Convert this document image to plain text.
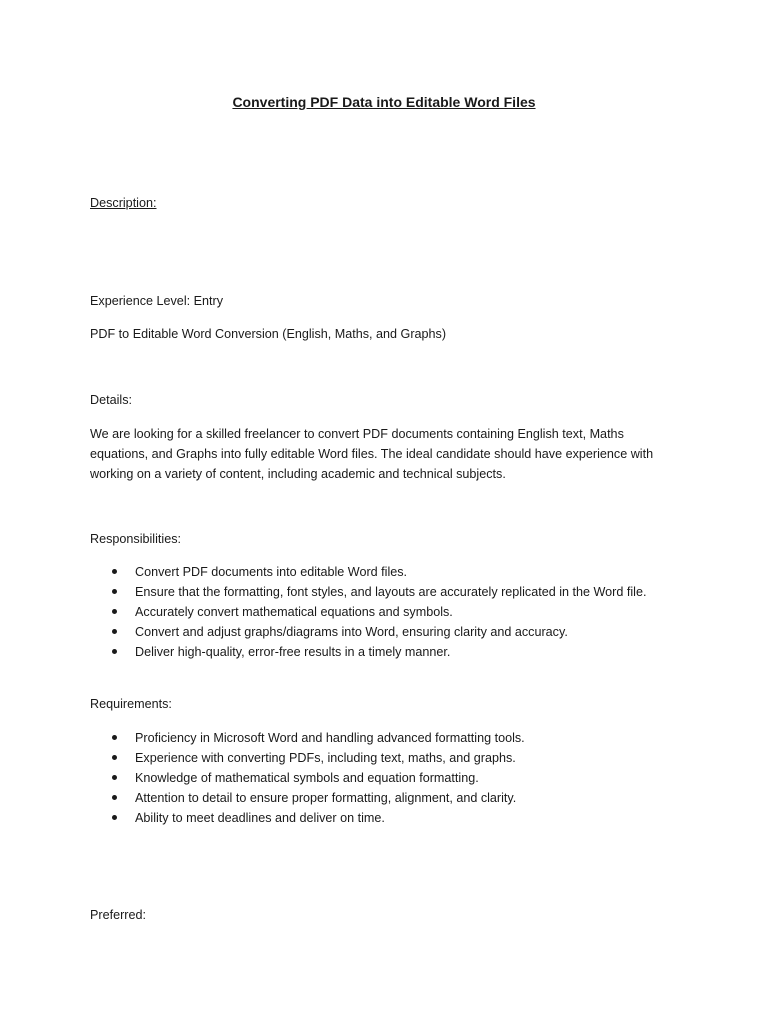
Converting PDF Data into Editable Word Files

Description:

Experience Level: Entry

PDF to Editable Word Conversion (English, Maths, and Graphs)

Details:

We are looking for a skilled freelancer to convert PDF documents containing English text, Maths equations, and Graphs into fully editable Word files. The ideal candidate should have experience with working on a variety of content, including academic and technical subjects.

Responsibilities:

Convert PDF documents into editable Word files.
Ensure that the formatting, font styles, and layouts are accurately replicated in the Word file.
Accurately convert mathematical equations and symbols.
Convert and adjust graphs/diagrams into Word, ensuring clarity and accuracy.
Deliver high-quality, error-free results in a timely manner.

Requirements:

Proficiency in Microsoft Word and handling advanced formatting tools.
Experience with converting PDFs, including text, maths, and graphs.
Knowledge of mathematical symbols and equation formatting.
Attention to detail to ensure proper formatting, alignment, and clarity.
Ability to meet deadlines and deliver on time.

Preferred:
